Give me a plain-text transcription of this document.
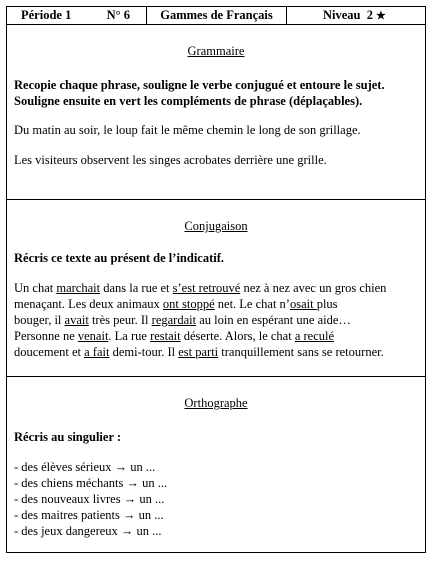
Période 1	N° 6 Gammes de Français	Niveau  2 ★
Grammaire
Recopie chaque phrase, souligne le verbe conjugué et entoure le sujet. Souligne ensuite en vert les compléments de phrase (déplaçables).
Du matin au soir, le loup fait le même chemin le long de son grillage.
Les visiteurs observent les singes acrobates derrière une grille.
Conjugaison
Récris ce texte au présent de l’indicatif.
Un chat marchait dans la rue et s’est retrouvé nez à nez avec un gros chien
menaçant. Les deux animaux ont stoppé net. Le chat n’osait plus
bouger, il avait très peur. Il regardait au loin en espérant une aide…
Personne ne venait. La rue restait déserte. Alors, le chat a reculé
doucement et a fait demi-tour. Il est parti tranquillement sans se retourner.
Orthographe
Récris au singulier :
- des élèves sérieux → un ...
- des chiens méchants → un ...
- des nouveaux livres → un ...
- des maitres patients → un ...
- des jeux dangereux → un ...
